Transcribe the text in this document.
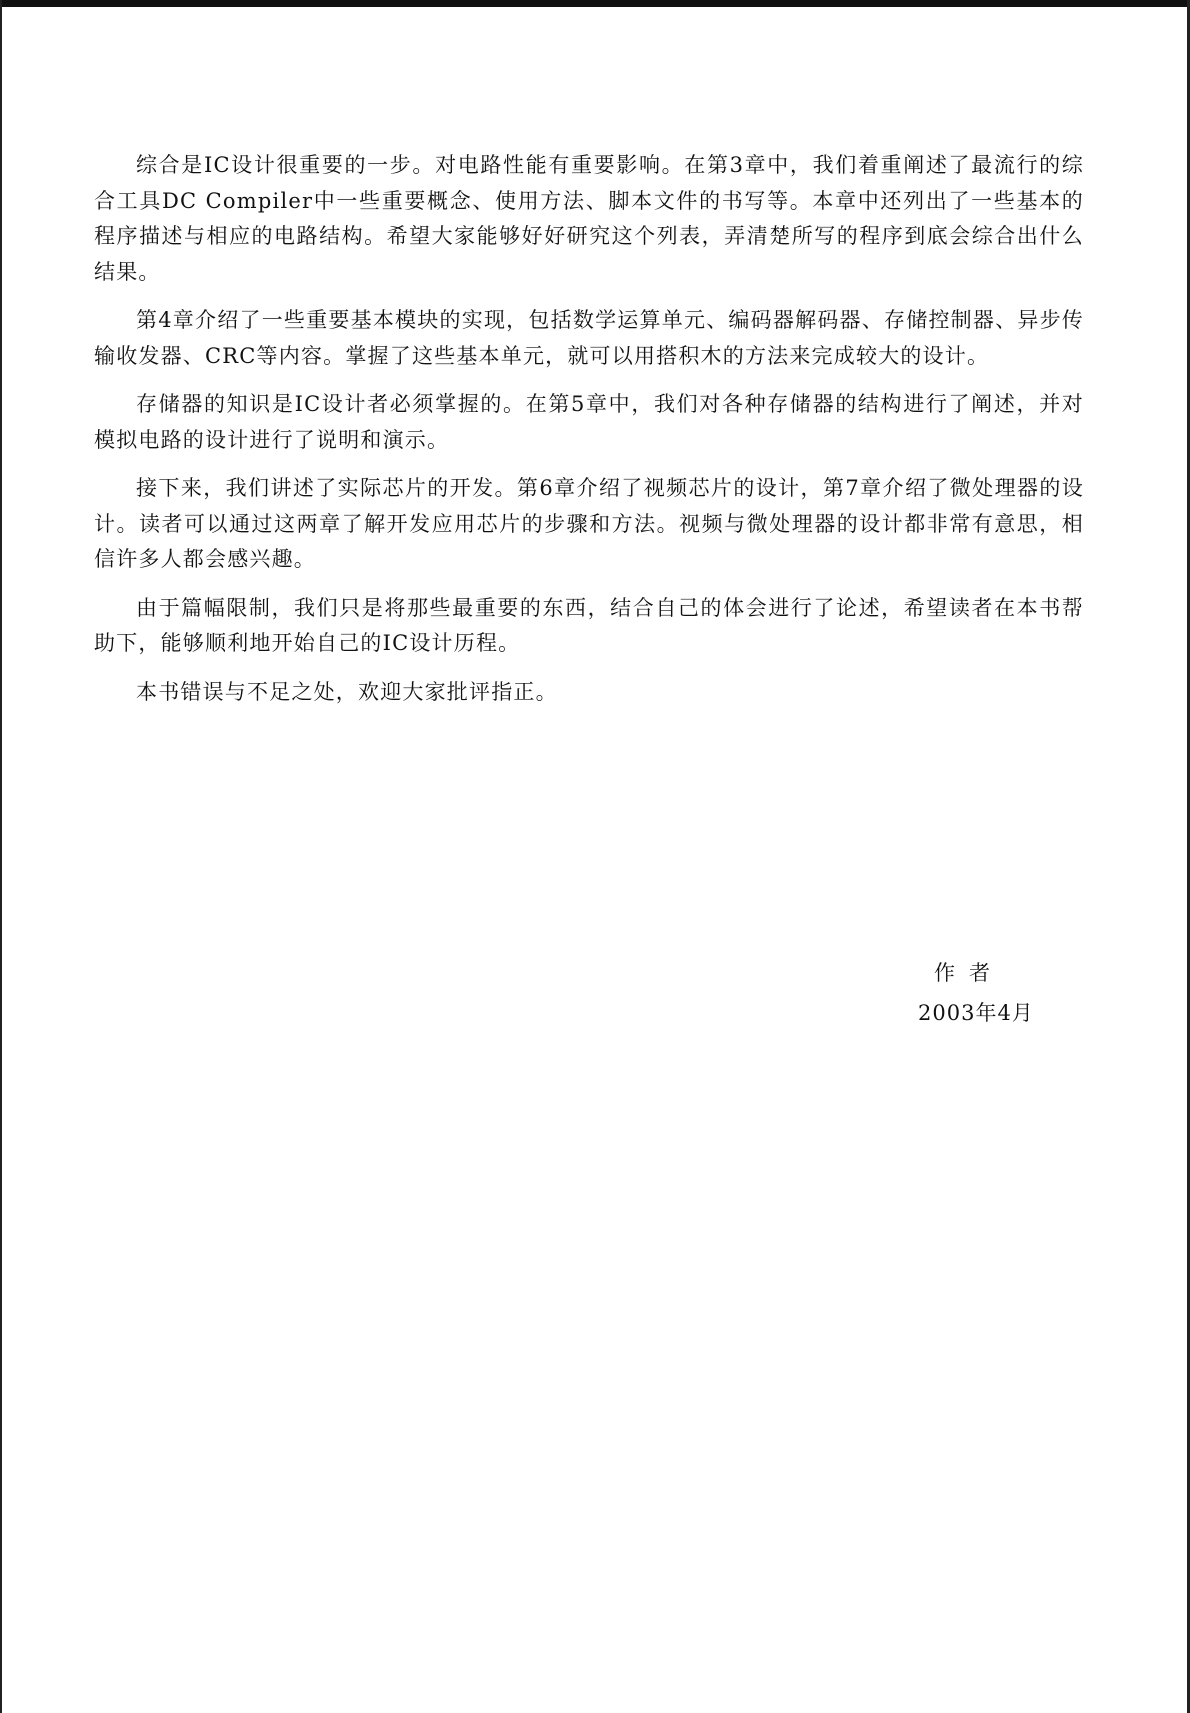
综合是IC设计很重要的一步。对电路性能有重要影响。在第3章中，我们着重阐述了最流行的综合工具DC Compiler中一些重要概念、使用方法、脚本文件的书写等。本章中还列出了一些基本的程序描述与相应的电路结构。希望大家能够好好研究这个列表，弄清楚所写的程序到底会综合出什么结果。

第4章介绍了一些重要基本模块的实现，包括数学运算单元、编码器解码器、存储控制器、异步传输收发器、CRC等内容。掌握了这些基本单元，就可以用搭积木的方法来完成较大的设计。

存储器的知识是IC设计者必须掌握的。在第5章中，我们对各种存储器的结构进行了阐述，并对模拟电路的设计进行了说明和演示。

接下来，我们讲述了实际芯片的开发。第6章介绍了视频芯片的设计，第7章介绍了微处理器的设计。读者可以通过这两章了解开发应用芯片的步骤和方法。视频与微处理器的设计都非常有意思，相信许多人都会感兴趣。

由于篇幅限制，我们只是将那些最重要的东西，结合自己的体会进行了论述，希望读者在本书帮助下，能够顺利地开始自己的IC设计历程。

本书错误与不足之处，欢迎大家批评指正。

作者
2003年4月
